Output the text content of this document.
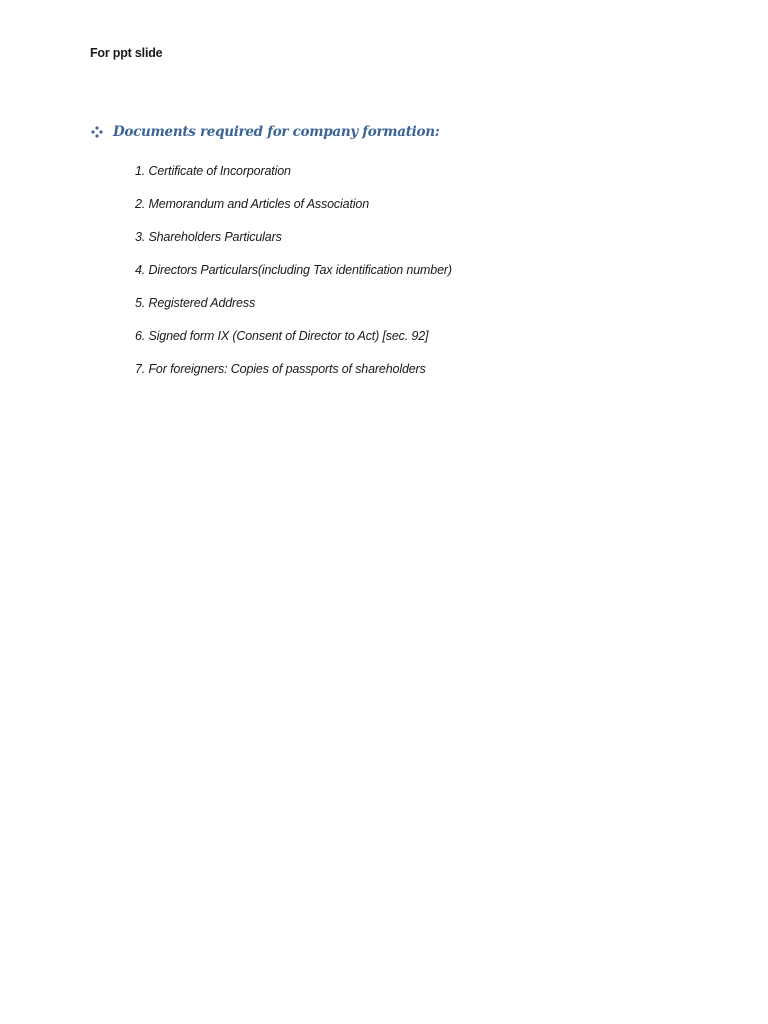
For ppt slide
Documents required for company formation:
1. Certificate of Incorporation
2. Memorandum and Articles of Association
3. Shareholders Particulars
4. Directors Particulars(including Tax identification number)
5. Registered Address
6. Signed form IX (Consent of Director to Act) [sec. 92]
7. For foreigners: Copies of passports of shareholders
